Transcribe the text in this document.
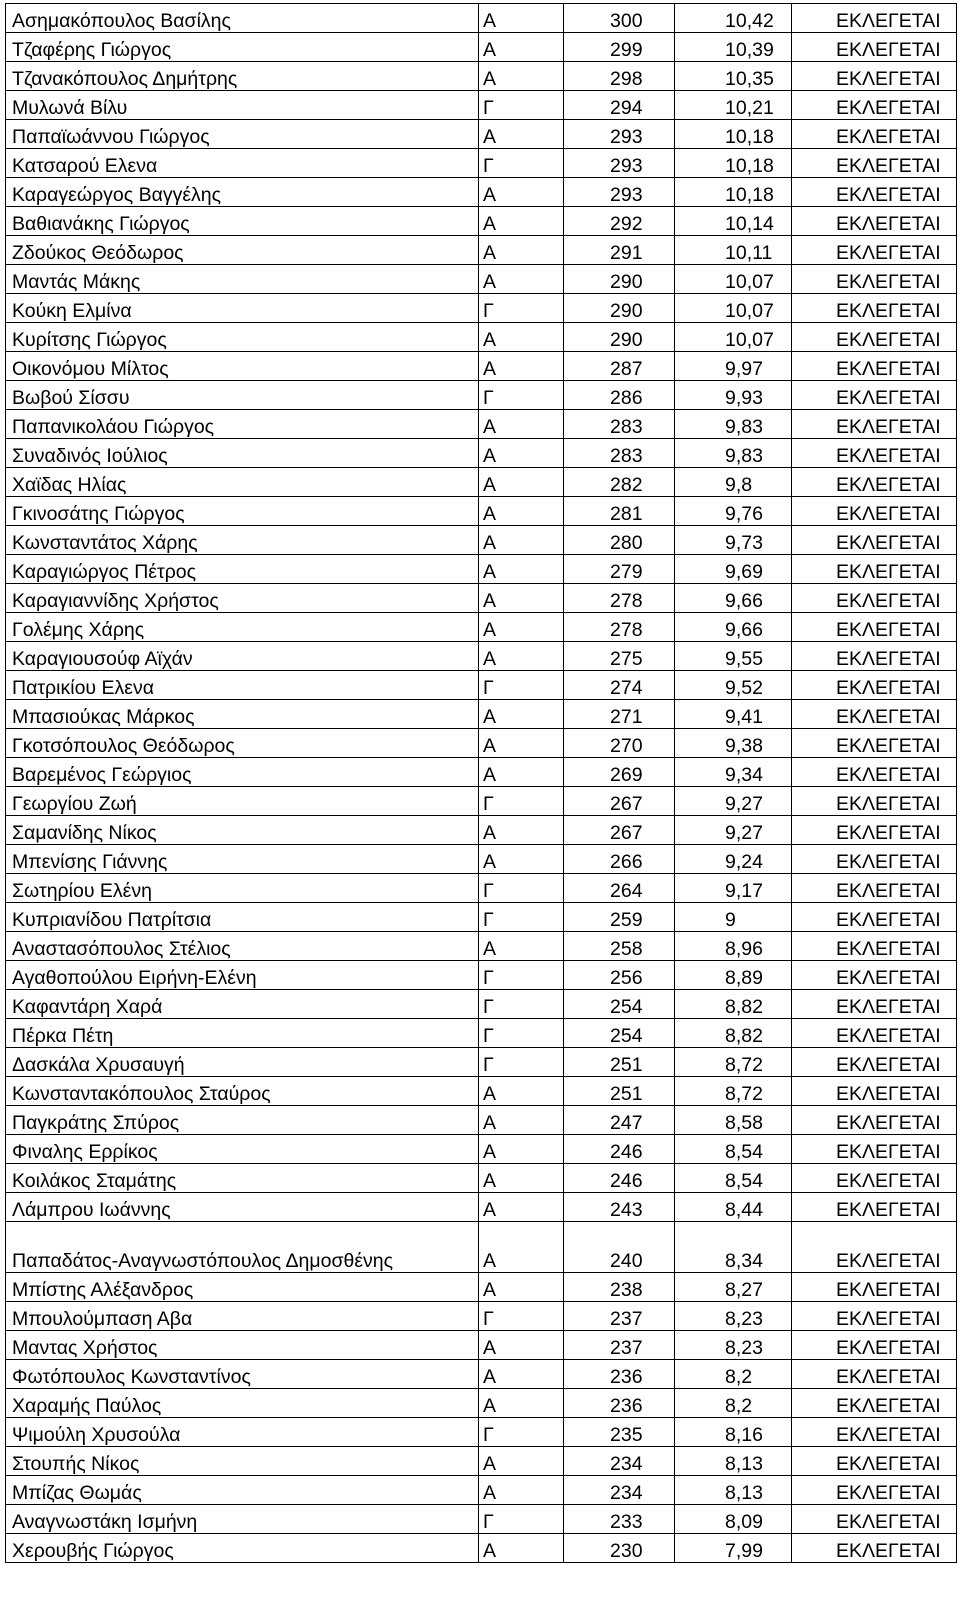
Ασημακόπουλος Βασίλης	Α	300	10,42	ΕΚΛΕΓΕΤΑΙ
Τζαφέρης Γιώργος	Α	299	10,39	ΕΚΛΕΓΕΤΑΙ
Τζανακόπουλος Δημήτρης	Α	298	10,35	ΕΚΛΕΓΕΤΑΙ
Μυλωνά Βίλυ	Γ	294	10,21	ΕΚΛΕΓΕΤΑΙ
Παπαϊωάννου Γιώργος	Α	293	10,18	ΕΚΛΕΓΕΤΑΙ
Κατσαρού Ελενα	Γ	293	10,18	ΕΚΛΕΓΕΤΑΙ
Καραγεώργος Βαγγέλης	Α	293	10,18	ΕΚΛΕΓΕΤΑΙ
Βαθιανάκης Γιώργος	Α	292	10,14	ΕΚΛΕΓΕΤΑΙ
Ζδούκος Θεόδωρος	Α	291	10,11	ΕΚΛΕΓΕΤΑΙ
Μαντάς Μάκης	Α	290	10,07	ΕΚΛΕΓΕΤΑΙ
Κούκη Ελμίνα	Γ	290	10,07	ΕΚΛΕΓΕΤΑΙ
Κυρίτσης Γιώργος	Α	290	10,07	ΕΚΛΕΓΕΤΑΙ
Οικονόμου Μίλτος	Α	287	9,97	ΕΚΛΕΓΕΤΑΙ
Βωβού Σίσσυ	Γ	286	9,93	ΕΚΛΕΓΕΤΑΙ
Παπανικολάου Γιώργος	Α	283	9,83	ΕΚΛΕΓΕΤΑΙ
Συναδινός Ιούλιος	Α	283	9,83	ΕΚΛΕΓΕΤΑΙ
Χαϊδας Ηλίας	Α	282	9,8	ΕΚΛΕΓΕΤΑΙ
Γκινοσάτης Γιώργος	Α	281	9,76	ΕΚΛΕΓΕΤΑΙ
Κωνσταντάτος Χάρης	Α	280	9,73	ΕΚΛΕΓΕΤΑΙ
Καραγιώργος Πέτρος	Α	279	9,69	ΕΚΛΕΓΕΤΑΙ
Καραγιαννίδης Χρήστος	Α	278	9,66	ΕΚΛΕΓΕΤΑΙ
Γολέμης Χάρης	Α	278	9,66	ΕΚΛΕΓΕΤΑΙ
Καραγιουσούφ Αϊχάν	Α	275	9,55	ΕΚΛΕΓΕΤΑΙ
Πατρικίου Ελενα	Γ	274	9,52	ΕΚΛΕΓΕΤΑΙ
Μπασιούκας Μάρκος	Α	271	9,41	ΕΚΛΕΓΕΤΑΙ
Γκοτσόπουλος Θεόδωρος	Α	270	9,38	ΕΚΛΕΓΕΤΑΙ
Βαρεμένος Γεώργιος	Α	269	9,34	ΕΚΛΕΓΕΤΑΙ
Γεωργίου Ζωή	Γ	267	9,27	ΕΚΛΕΓΕΤΑΙ
Σαμανίδης Νίκος	Α	267	9,27	ΕΚΛΕΓΕΤΑΙ
Μπενίσης Γιάννης	Α	266	9,24	ΕΚΛΕΓΕΤΑΙ
Σωτηρίου Ελένη	Γ	264	9,17	ΕΚΛΕΓΕΤΑΙ
Κυπριανίδου Πατρίτσια	Γ	259	9	ΕΚΛΕΓΕΤΑΙ
Αναστασόπουλος Στέλιος	Α	258	8,96	ΕΚΛΕΓΕΤΑΙ
Αγαθοπούλου Ειρήνη-Ελένη	Γ	256	8,89	ΕΚΛΕΓΕΤΑΙ
Καφαντάρη Χαρά	Γ	254	8,82	ΕΚΛΕΓΕΤΑΙ
Πέρκα Πέτη	Γ	254	8,82	ΕΚΛΕΓΕΤΑΙ
Δασκάλα Χρυσαυγή	Γ	251	8,72	ΕΚΛΕΓΕΤΑΙ
Κωνσταντακόπουλος Σταύρος	Α	251	8,72	ΕΚΛΕΓΕΤΑΙ
Παγκράτης Σπύρος	Α	247	8,58	ΕΚΛΕΓΕΤΑΙ
Φιναλης Ερρίκος	Α	246	8,54	ΕΚΛΕΓΕΤΑΙ
Κοιλάκος Σταμάτης	Α	246	8,54	ΕΚΛΕΓΕΤΑΙ
Λάμπρου Ιωάννης	Α	243	8,44	ΕΚΛΕΓΕΤΑΙ
Παπαδάτος-Αναγνωστόπουλος Δημοσθένης	Α	240	8,34	ΕΚΛΕΓΕΤΑΙ
Μπίστης Αλέξανδρος	Α	238	8,27	ΕΚΛΕΓΕΤΑΙ
Μπουλούμπαση Αβα	Γ	237	8,23	ΕΚΛΕΓΕΤΑΙ
Μαντας Χρήστος	Α	237	8,23	ΕΚΛΕΓΕΤΑΙ
Φωτόπουλος Κωνσταντίνος	Α	236	8,2	ΕΚΛΕΓΕΤΑΙ
Χαραμής Παύλος	Α	236	8,2	ΕΚΛΕΓΕΤΑΙ
Ψιμούλη Χρυσούλα	Γ	235	8,16	ΕΚΛΕΓΕΤΑΙ
Στουπής Νίκος	Α	234	8,13	ΕΚΛΕΓΕΤΑΙ
Μπίζας Θωμάς	Α	234	8,13	ΕΚΛΕΓΕΤΑΙ
Αναγνωστάκη Ισμήνη	Γ	233	8,09	ΕΚΛΕΓΕΤΑΙ
Χερουβής Γιώργος	Α	230	7,99	ΕΚΛΕΓΕΤΑΙ
